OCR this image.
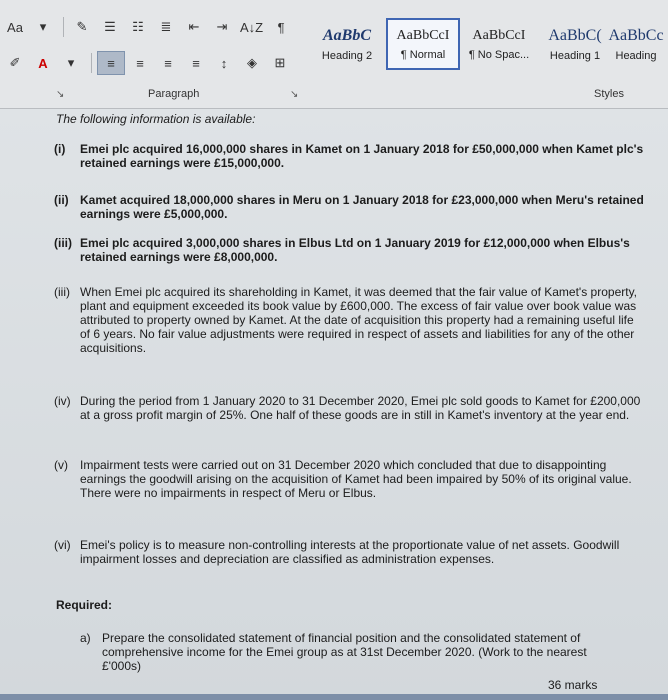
Aa	▾	✎	☰	☷	≣	⇤	⇥ A↓Z	¶
✐	A	▾	≡	≡	≡	≡	↕	◈	⊞
AaBbC
Heading 2
AaBbCcI
¶ Normal
AaBbCcI
¶ No Spac...
AaBbC(
Heading 1
AaBbCc
Heading
↘	Paragraph	↘	Styles
The following information is available:
(i)	Emei plc acquired 16,000,000 shares in Kamet on 1 January 2018 for £50,000,000 when Kamet plc's retained earnings were £15,000,000.
(ii) Kamet acquired 18,000,000 shares in Meru on 1 January 2018 for £23,000,000 when Meru's retained earnings were £5,000,000.
(iii) Emei plc acquired 3,000,000 shares in Elbus Ltd on 1 January 2019 for £12,000,000 when Elbus's retained earnings were £8,000,000.
(iii) When Emei plc acquired its shareholding in Kamet, it was deemed that the fair value of Kamet's property, plant and equipment exceeded its book value by £600,000. The excess of fair value over book value was attributed to property owned by Kamet. At the date of acquisition this property had a remaining useful life of 6 years. No fair value adjustments were required in respect of assets and liabilities for any of the other acquisitions.
(iv) During the period from 1 January 2020 to 31 December 2020, Emei plc sold goods to Kamet for £200,000 at a gross profit margin of 25%. One half of these goods are in still in Kamet's inventory at the year end.
(v)	Impairment tests were carried out on 31 December 2020 which concluded that due to disappointing earnings the goodwill arising on the acquisition of Kamet had been impaired by 50% of its original value. There were no impairments in respect of Meru or Elbus.
(vi) Emei's policy is to measure non-controlling interests at the proportionate value of net assets. Goodwill impairment losses and depreciation are classified as administration expenses.
Required:
a) Prepare the consolidated statement of financial position and the consolidated statement of comprehensive income for the Emei group as at 31st December 2020. (Work to the nearest £'000s)
36 marks
